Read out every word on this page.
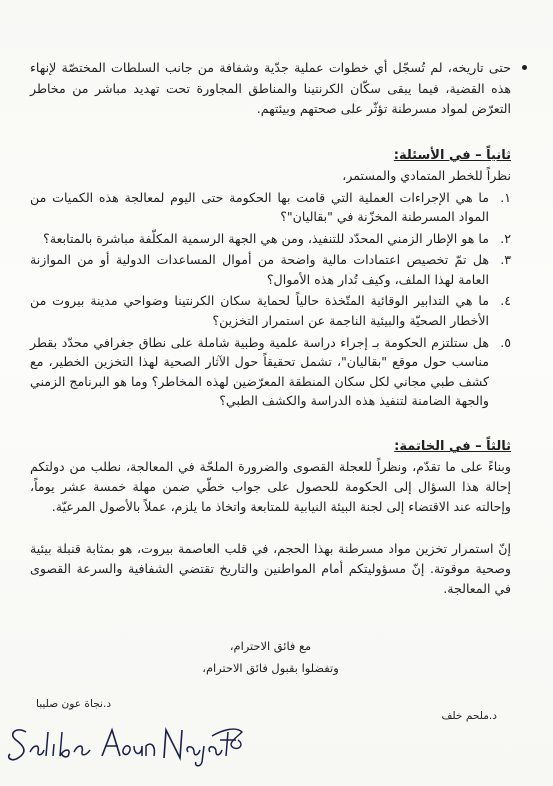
حتى تاريخه، لم تُسجّل أي خطوات عملية جدّية وشفافة من جانب السلطات المختصّة لإنهاء هذه القضية، فيما يبقى سكّان الكرنتينا والمناطق المجاورة تحت تهديد مباشر من مخاطر التعرّض لمواد مسرطنة تؤثّر على صحتهم وبيئتهم.
ثانياً – في الأسئلة:
نظراً للخطر المتمادي والمستمر،
١.
ما هي الإجراءات العملية التي قامت بها الحكومة حتى اليوم لمعالجة هذه الكميات من المواد المسرطنة المخزّنة في "بقاليان"؟
٢.
ما هو الإطار الزمني المحدّد للتنفيذ، ومن هي الجهة الرسمية المكلّفة مباشرة بالمتابعة؟
٣.
هل تمّ تخصيص اعتمادات مالية واضحة من أموال المساعدات الدولية أو من الموازنة العامة لهذا الملف، وكيف تُدار هذه الأموال؟
٤.
ما هي التدابير الوقائية المتّخذة حالياً لحماية سكان الكرنتينا وضواحي مدينة بيروت من الأخطار الصحيّة والبيئية الناجمة عن استمرار التخزين؟
٥.
هل ستلتزم الحكومة بـ إجراء دراسة علمية وطبية شاملة على نطاق جغرافي محدّد بقطر مناسب حول موقع "بقاليان"، تشمل تحقيقاً حول الآثار الصحية لهذا التخزين الخطير، مع كشف طبي مجاني لكل سكان المنطقة المعرّضين لهذه المخاطر؟ وما هو البرنامج الزمني والجهة الضامنة لتنفيذ هذه الدراسة والكشف الطبي؟
ثالثاً – في الخاتمة:
وبناءً على ما تقدّم، ونظراً للعجلة القصوى والضرورة الملحّة في المعالجة، نطلب من دولتكم إحالة هذا السؤال إلى الحكومة للحصول على جواب خطّي ضمن مهلة خمسة عشر يوماً، وإحالته عند الاقتضاء إلى لجنة البيئة النيابية للمتابعة واتخاذ ما يلزم، عملاً بالأصول المرعيّة.
إنّ استمرار تخزين مواد مسرطنة بهذا الحجم، في قلب العاصمة بيروت، هو بمثابة قنبلة بيئية وصحية موقوتة. إنّ مسؤوليتكم أمام المواطنين والتاريخ تقتضي الشفافية والسرعة القصوى في المعالجة.
مع فائق الاحترام،
وتفضلوا بقبول فائق الاحترام،
د.ملحم خلف
د.نجاة عون صليبا
